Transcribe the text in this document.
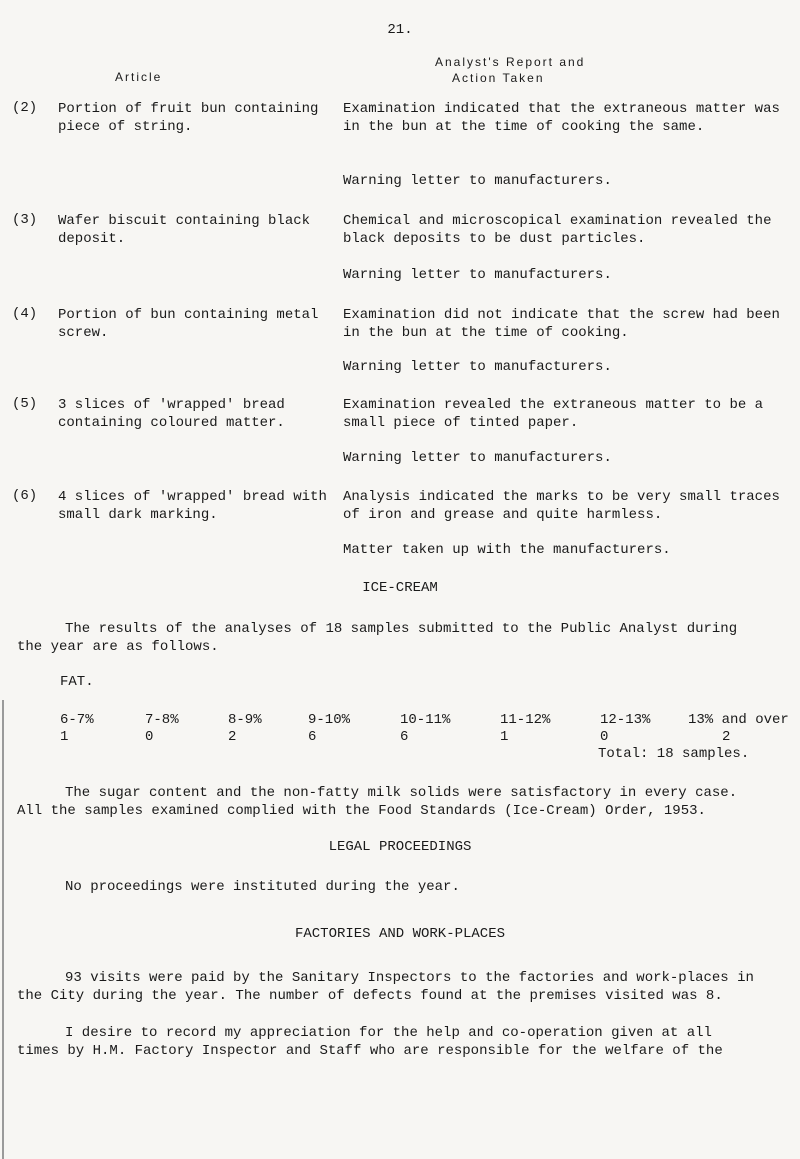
21.
Article
Analyst's Report and
Action Taken
(2) Portion of fruit bun containing piece of string.
Examination indicated that the extraneous matter was in the bun at the time of cooking the same.
Warning letter to manufacturers.
(3) Wafer biscuit containing black deposit.
Chemical and microscopical examination revealed the black deposits to be dust particles.
Warning letter to manufacturers.
(4) Portion of bun containing metal screw.
Examination did not indicate that the screw had been in the bun at the time of cooking.
Warning letter to manufacturers.
(5) 3 slices of 'wrapped' bread containing coloured matter.
Examination revealed the extraneous matter to be a small piece of tinted paper.
Warning letter to manufacturers.
(6) 4 slices of 'wrapped' bread with small dark marking.
Analysis indicated the marks to be very small traces of iron and grease and quite harmless.
Matter taken up with the manufacturers.
ICE-CREAM
The results of the analyses of 18 samples submitted to the Public Analyst during the year are as follows.
FAT.
6-7%	7-8%	8-9%	9-10%	10-11%	11-12%	12-13%	13% and over
1	0	2	6	6	1	0	2
Total: 18 samples.
The sugar content and the non-fatty milk solids were satisfactory in every case. All the samples examined complied with the Food Standards (Ice-Cream) Order, 1953.
LEGAL PROCEEDINGS
No proceedings were instituted during the year.
FACTORIES AND WORK-PLACES
93 visits were paid by the Sanitary Inspectors to the factories and work-places in the City during the year. The number of defects found at the premises visited was 8.
I desire to record my appreciation for the help and co-operation given at all times by H.M. Factory Inspector and Staff who are responsible for the welfare of the
